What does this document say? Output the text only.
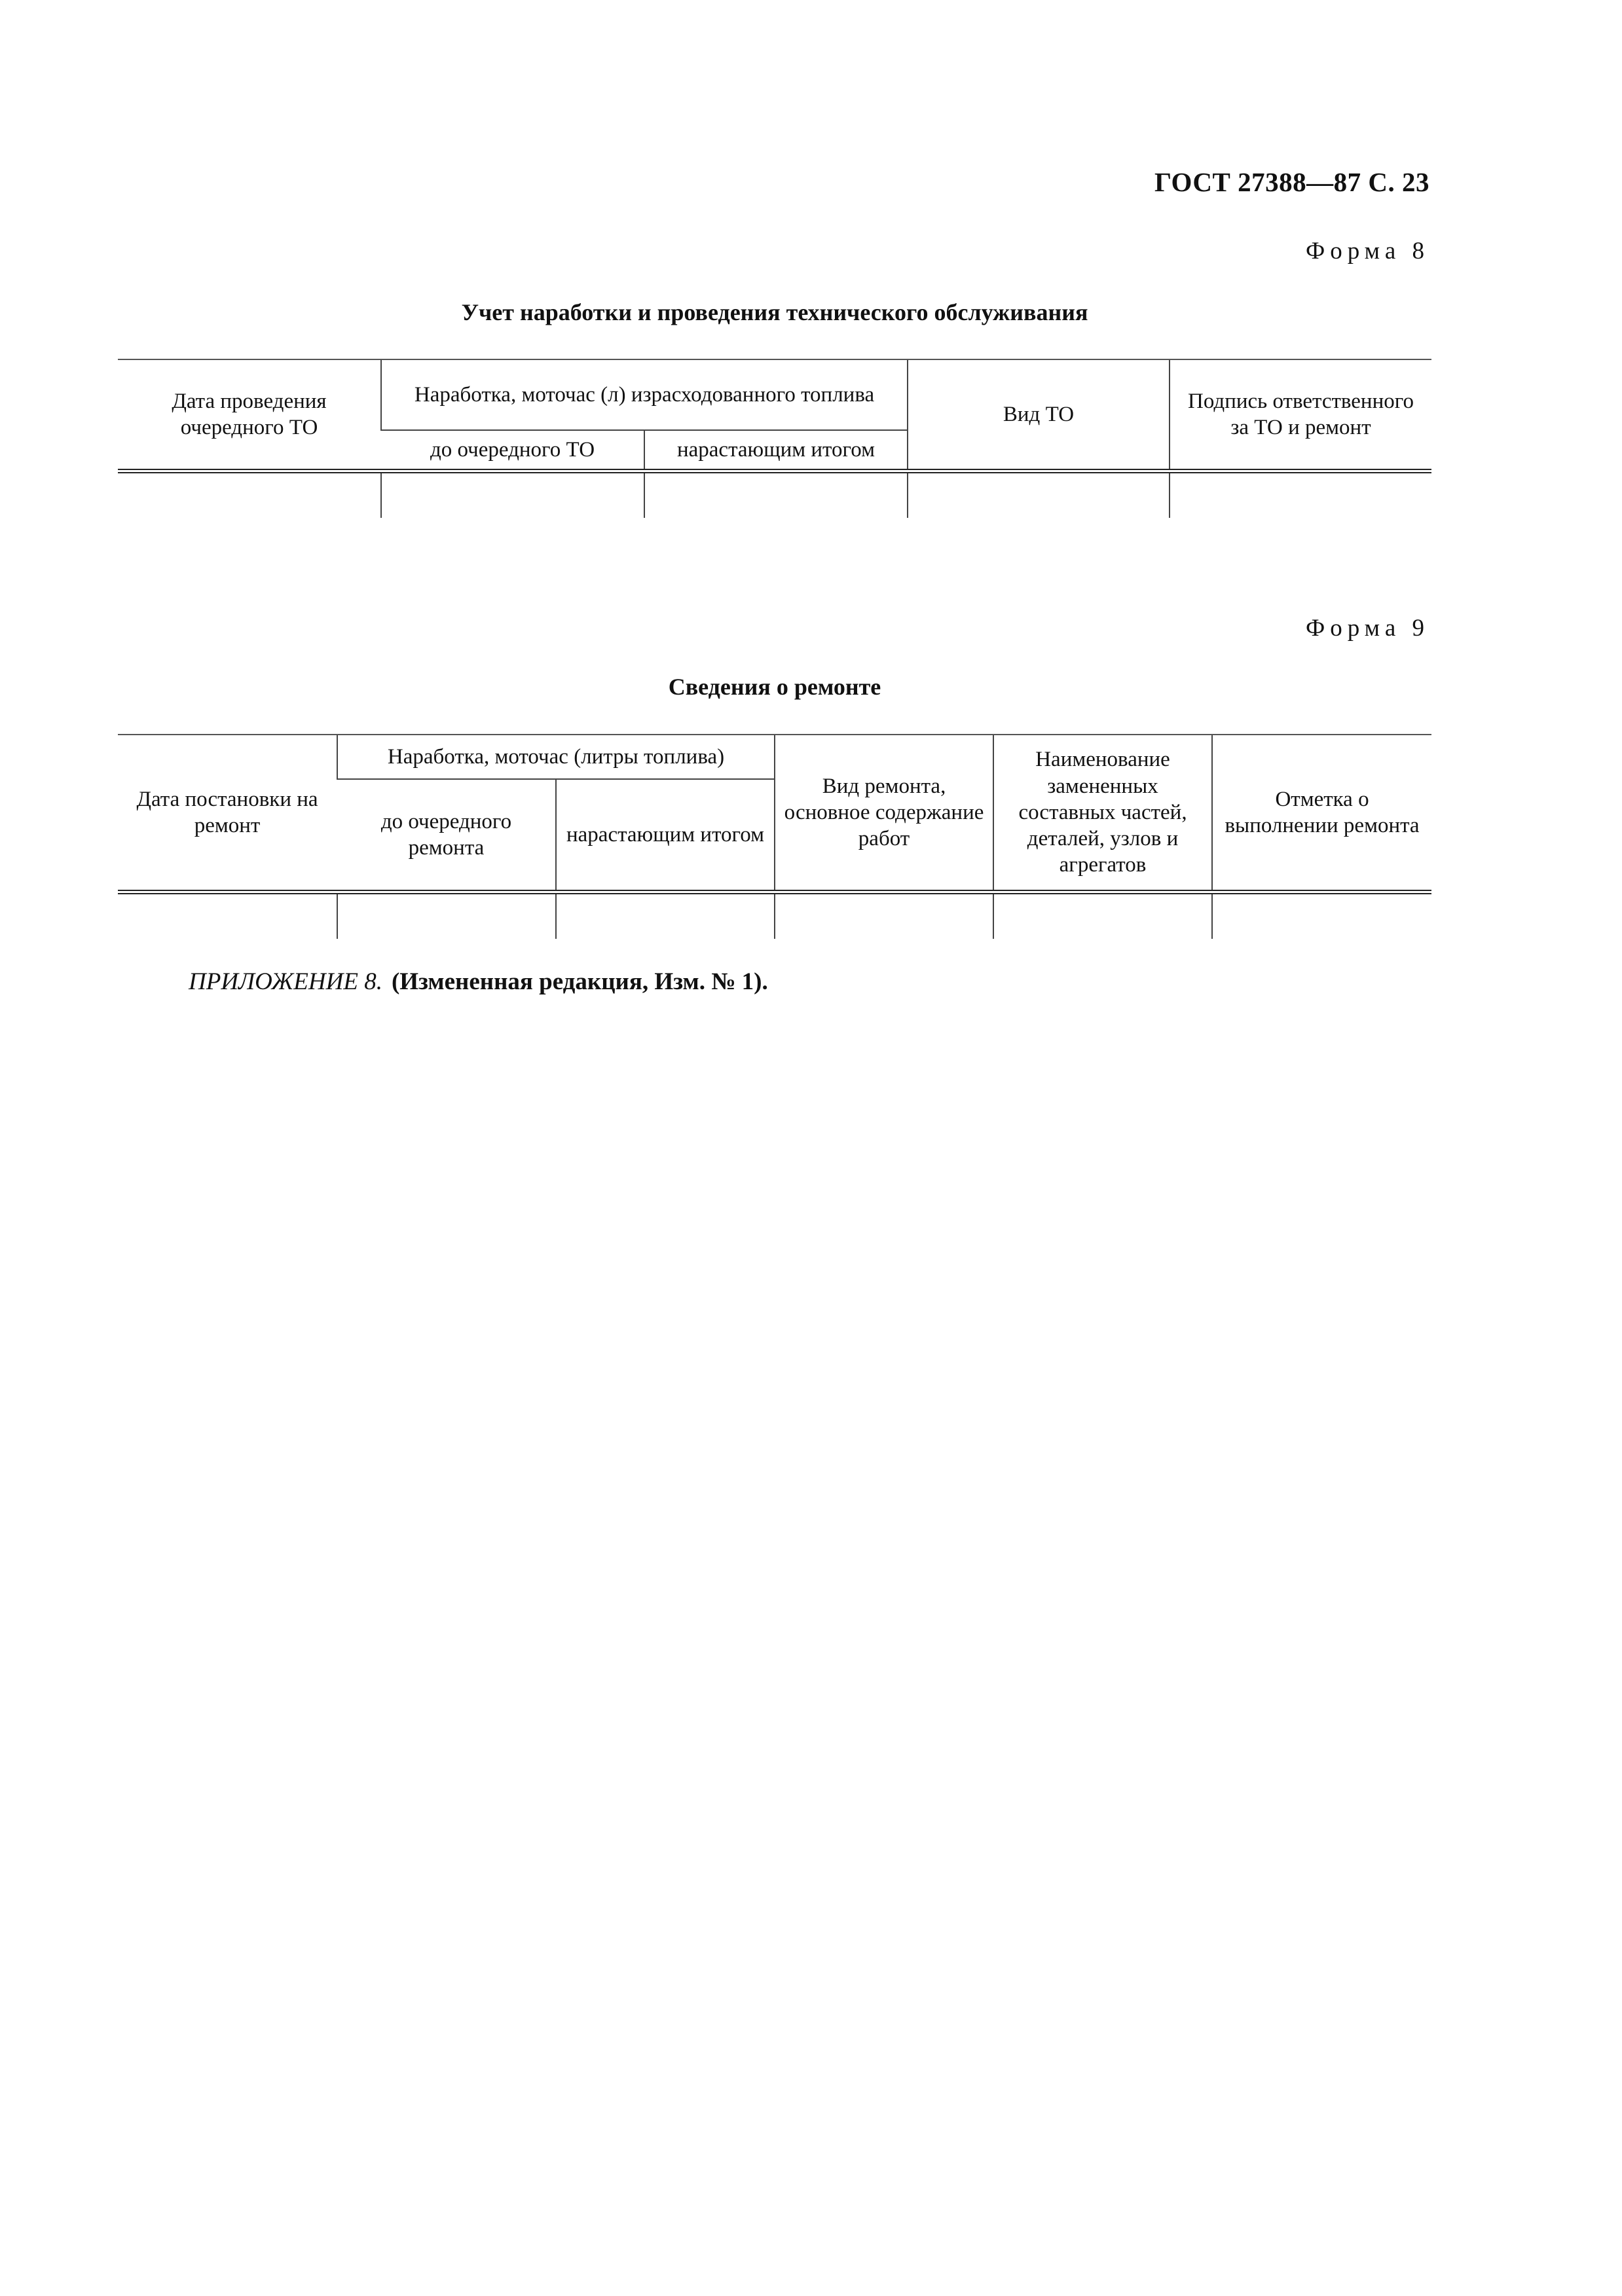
ГОСТ 27388—87 С. 23
Форма 8
Учет наработки и проведения технического обслуживания
Дата проведения очередного ТО	Наработка, моточас (л) израсходованного топлива		Вид ТО	Подпись ответственного за ТО и ремонт
	до очередного ТО	нарастающим итогом		

Форма 9
Сведения о ремонте
Дата постановки на ремонт	Наработка, моточас (литры топлива)		Вид ремонта, основное содержание работ	Наименование замененных составных частей, деталей, узлов и агрегатов	Отметка о выполнении ремонта
	до очередного ремонта	нарастающим итогом			

ПРИЛОЖЕНИЕ 8. (Измененная редакция, Изм. № 1).
